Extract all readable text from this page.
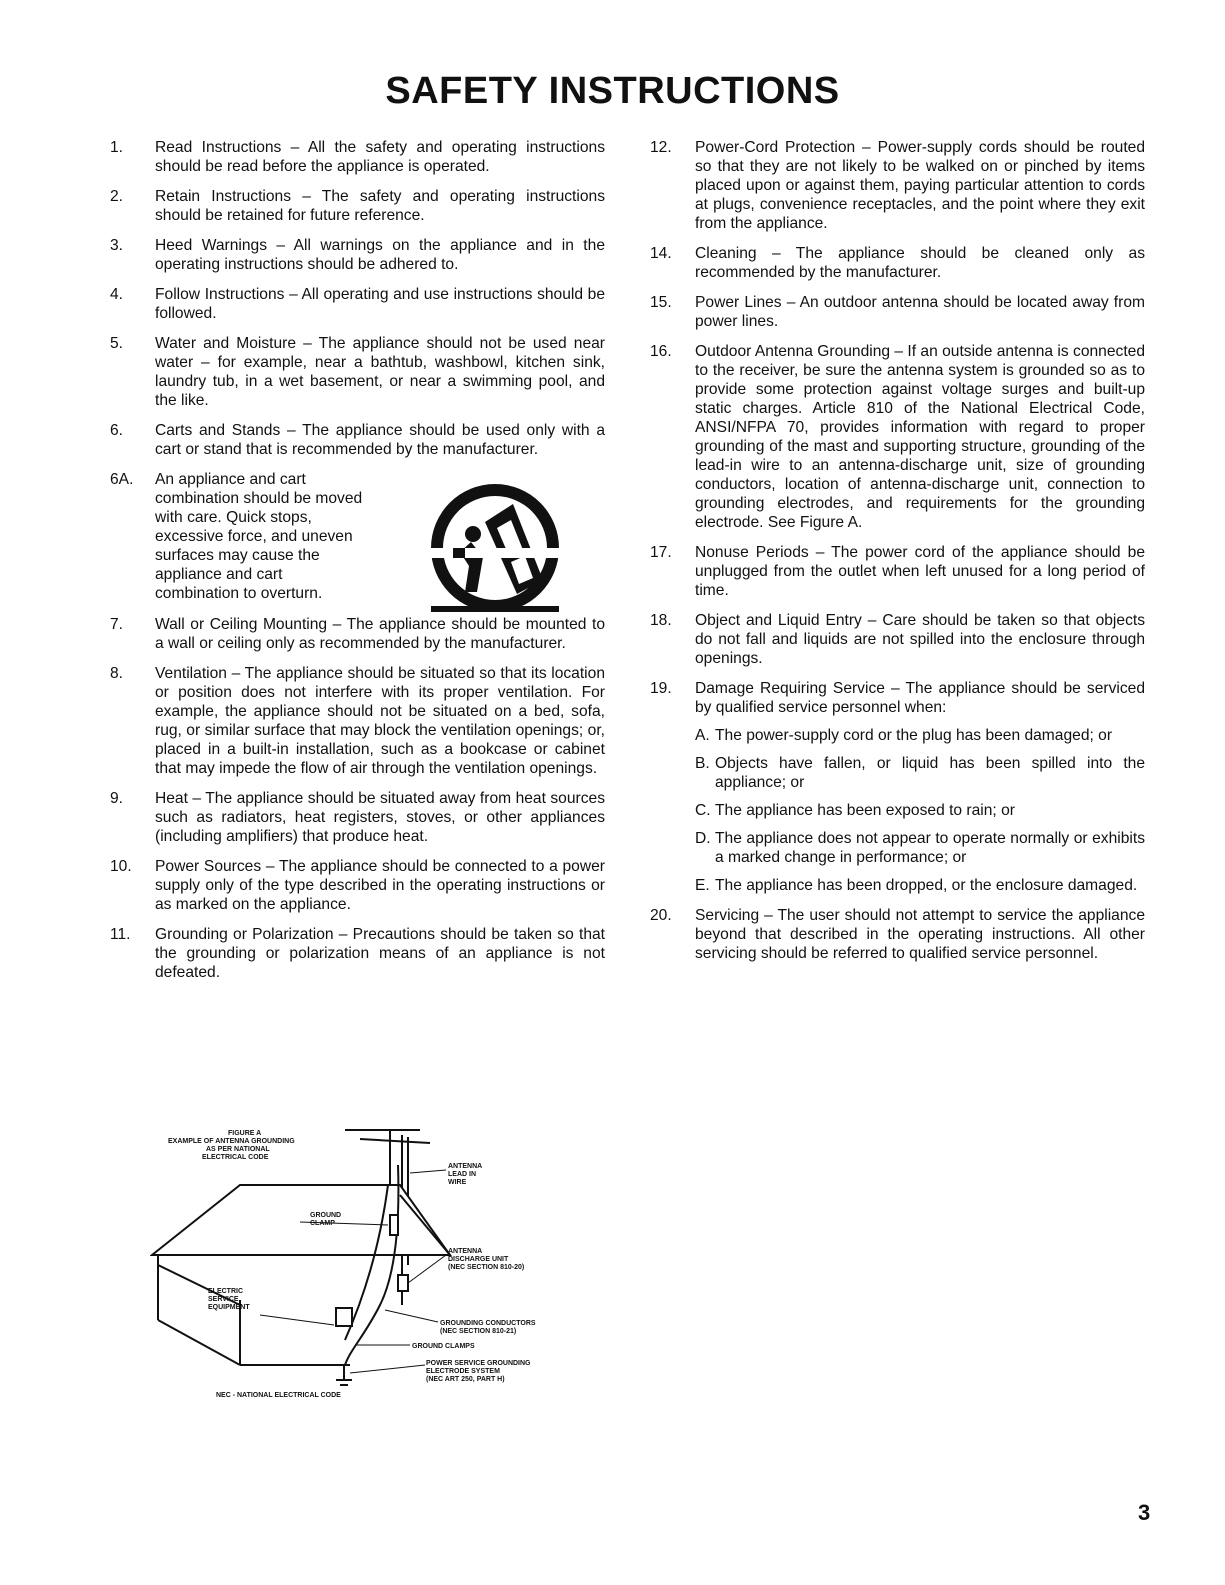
SAFETY INSTRUCTIONS
1.	Read Instructions – All the safety and operating instructions should be read before the appliance is operated.
2.	Retain Instructions – The safety and operating instructions should be retained for future reference.
3.	Heed Warnings – All warnings on the appliance and in the operating instructions should be adhered to.
4.	Follow Instructions – All operating and use instructions should be followed.
5.	Water and Moisture – The appliance should not be used near water – for example, near a bathtub, washbowl, kitchen sink, laundry tub, in a wet basement, or near a swimming pool, and the like.
6.	Carts and Stands – The appliance should be used only with a cart or stand that is recommended by the manufacturer.
6A.	An appliance and cart combination should be moved with care. Quick stops, excessive force, and uneven surfaces may cause the appliance and cart combination to overturn.
7.	Wall or Ceiling Mounting – The appliance should be mounted to a wall or ceiling only as recommended by the manufacturer.
8.	Ventilation – The appliance should be situated so that its location or position does not interfere with its proper ventilation. For example, the appliance should not be situated on a bed, sofa, rug, or similar surface that may block the ventilation openings; or, placed in a built-in installation, such as a bookcase or cabinet that may impede the flow of air through the ventilation openings.
9.	Heat – The appliance should be situated away from heat sources such as radiators, heat registers, stoves, or other appliances (including amplifiers) that produce heat.
10.	Power Sources – The appliance should be connected to a power supply only of the type described in the operating instructions or as marked on the appliance.
11.	Grounding or Polarization – Precautions should be taken so that the grounding or polarization means of an appliance is not defeated.
12.	Power-Cord Protection – Power-supply cords should be routed so that they are not likely to be walked on or pinched by items placed upon or against them, paying particular attention to cords at plugs, convenience receptacles, and the point where they exit from the appliance.
14.	Cleaning – The appliance should be cleaned only as recommended by the manufacturer.
15.	Power Lines – An outdoor antenna should be located away from power lines.
16.	Outdoor Antenna Grounding – If an outside antenna is connected to the receiver, be sure the antenna system is grounded so as to provide some protection against voltage surges and built-up static charges. Article 810 of the National Electrical Code, ANSI/NFPA 70, provides information with regard to proper grounding of the mast and supporting structure, grounding of the lead-in wire to an antenna-discharge unit, size of grounding conductors, location of antenna-discharge unit, connection to grounding electrodes, and requirements for the grounding electrode. See Figure A.
17.	Nonuse Periods – The power cord of the appliance should be unplugged from the outlet when left unused for a long period of time.
18.	Object and Liquid Entry – Care should be taken so that objects do not fall and liquids are not spilled into the enclosure through openings.
19.	Damage Requiring Service – The appliance should be serviced by qualified service personnel when:
A. The power-supply cord or the plug has been damaged; or
B. Objects have fallen, or liquid has been spilled into the appliance; or
C. The appliance has been exposed to rain; or
D. The appliance does not appear to operate normally or exhibits a marked change in performance; or
E. The appliance has been dropped, or the enclosure damaged.
20.	Servicing – The user should not attempt to service the appliance beyond that described in the operating instructions. All other servicing should be referred to qualified service personnel.
FIGURE A
EXAMPLE OF ANTENNA GROUNDING
AS PER NATIONAL
ELECTRICAL CODE
ANTENNA
LEAD IN
WIRE
GROUND
CLAMP
ANTENNA
DISCHARGE UNIT
(NEC SECTION 810-20)
ELECTRIC
SERVICE
EQUIPMENT
GROUNDING CONDUCTORS
(NEC SECTION 810-21)
GROUND CLAMPS
POWER SERVICE GROUNDING
ELECTRODE SYSTEM
(NEC ART 250, PART H)
NEC - NATIONAL ELECTRICAL CODE
3
